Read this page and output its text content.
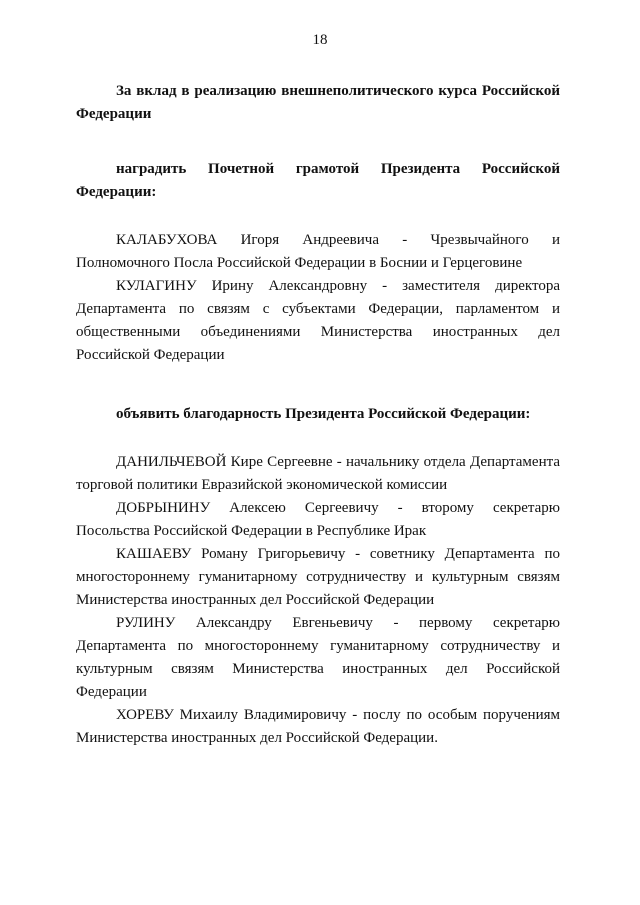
18

За вклад в реализацию внешнеполитического курса Российской Федерации

наградить Почетной грамотой Президента Российской Федерации:

КАЛАБУХОВА Игоря Андреевича - Чрезвычайного и Полномочного Посла Российской Федерации в Боснии и Герцеговине

КУЛАГИНУ Ирину Александровну - заместителя директора Департамента по связям с субъектами Федерации, парламентом и общественными объединениями Министерства иностранных дел Российской Федерации

объявить благодарность Президента Российской Федерации:

ДАНИЛЬЧЕВОЙ Кире Сергеевне - начальнику отдела Департамента торговой политики Евразийской экономической комиссии

ДОБРЫНИНУ Алексею Сергеевичу - второму секретарю Посольства Российской Федерации в Республике Ирак

КАШАЕВУ Роману Григорьевичу - советнику Департамента по многостороннему гуманитарному сотрудничеству и культурным связям Министерства иностранных дел Российской Федерации

РУЛИНУ Александру Евгеньевичу - первому секретарю Департамента по многостороннему гуманитарному сотрудничеству и культурным связям Министерства иностранных дел Российской Федерации

ХОРЕВУ Михаилу Владимировичу - послу по особым поручениям Министерства иностранных дел Российской Федерации.
